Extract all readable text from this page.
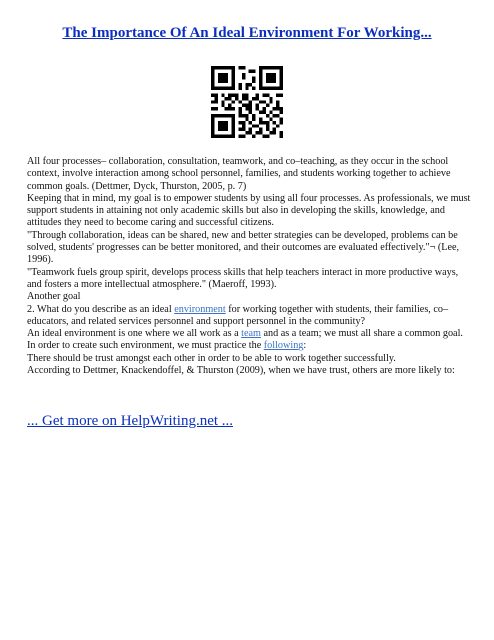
The Importance Of An Ideal Environment For Working...

All four processes– collaboration, consultation, teamwork, and co–teaching, as they occur in the school context, involve interaction among school personnel, families, and students working together to achieve common goals. (Dettmer, Dyck, Thurston, 2005, p. 7)

Keeping that in mind, my goal is to empower students by using all four processes. As professionals, we must support students in attaining not only academic skills but also in developing the skills, knowledge, and attitudes they need to become caring and successful citizens.

"Through collaboration, ideas can be shared, new and better strategies can be developed, problems can be solved, students' progresses can be better monitored, and their outcomes are evaluated effectively."¬ (Lee, 1996).

"Teamwork fuels group spirit, develops process skills that help teachers interact in more productive ways, and fosters a more intellectual atmosphere." (Maeroff, 1993).

Another goal

2. What do you describe as an ideal environment for working together with students, their families, co–educators, and related services personnel and support personnel in the community?

An ideal environment is one where we all work as a team and as a team; we must all share a common goal. In order to create such environment, we must practice the following:

There should be trust amongst each other in order to be able to work together successfully.

According to Dettmer, Knackendoffel, & Thurston (2009), when we have trust, others are more likely to:

... Get more on HelpWriting.net ...
